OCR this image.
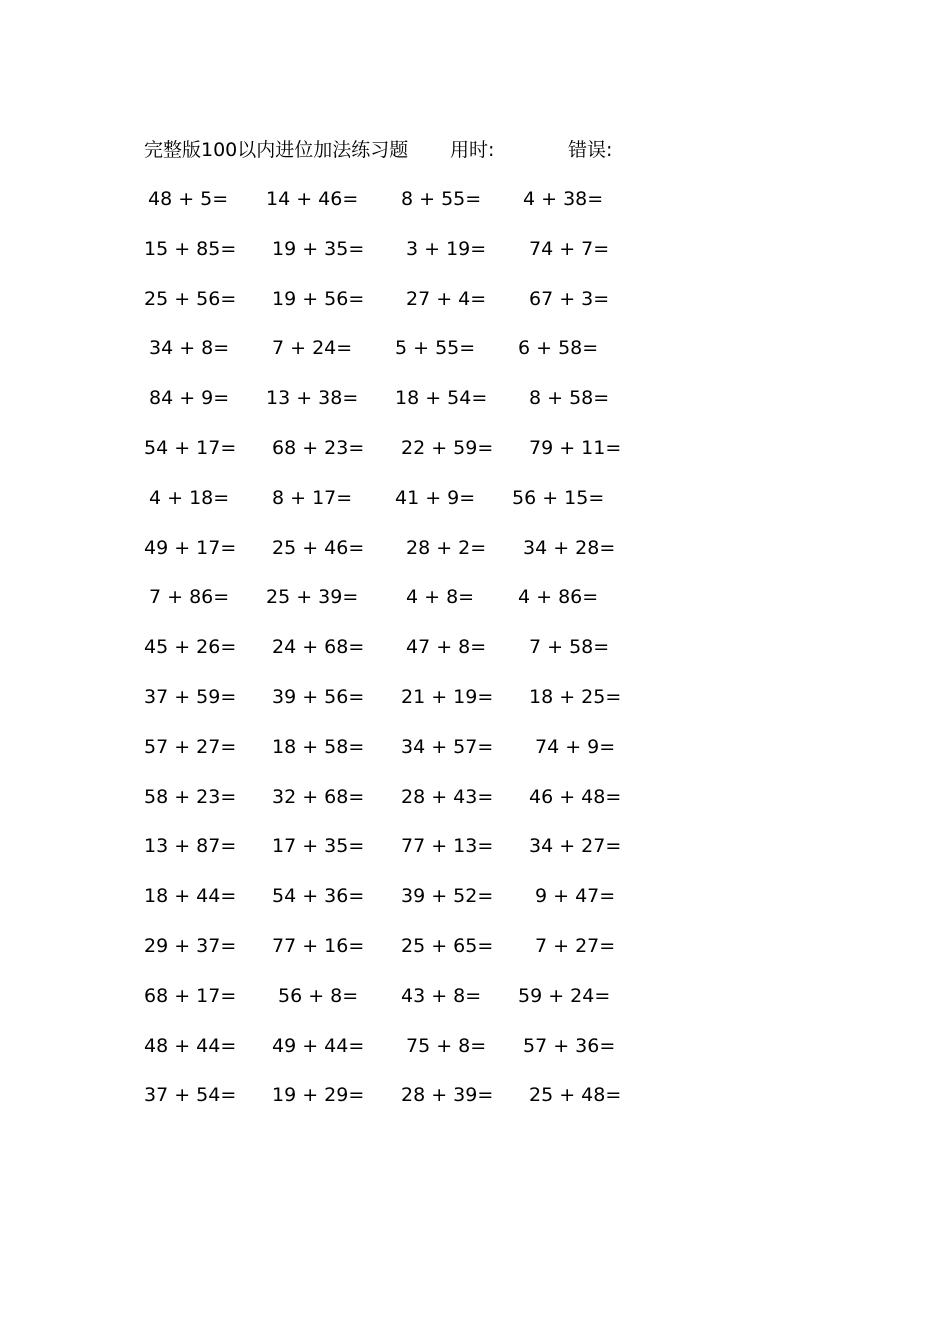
完整版100以内进位加法练习题 用时:	错误:
48 + 5= 14 + 46= 8 + 55= 4 + 38=
15 + 85= 19 + 35= 3 + 19= 74 + 7=
25 + 56= 19 + 56= 27 + 4= 67 + 3=
34 + 8= 7 + 24= 5 + 55= 6 + 58=
84 + 9= 13 + 38= 18 + 54= 8 + 58=
54 + 17= 68 + 23= 22 + 59= 79 + 11=
4 + 18= 8 + 17= 41 + 9= 56 + 15=
49 + 17= 25 + 46= 28 + 2= 34 + 28=
7 + 86= 25 + 39=	4 + 8= 4 + 86=
45 + 26= 24 + 68= 47 + 8= 7 + 58=
37 + 59= 39 + 56= 21 + 19= 18 + 25=
57 + 27= 18 + 58= 34 + 57= 74 + 9=
58 + 23= 32 + 68= 28 + 43= 46 + 48=
13 + 87= 17 + 35= 77 + 13= 34 + 27=
18 + 44= 54 + 36= 39 + 52= 9 + 47=
29 + 37= 77 + 16= 25 + 65= 7 + 27=
68 + 17= 56 + 8= 43 + 8= 59 + 24=
48 + 44= 49 + 44= 75 + 8= 57 + 36=
37 + 54= 19 + 29= 28 + 39= 25 + 48=
